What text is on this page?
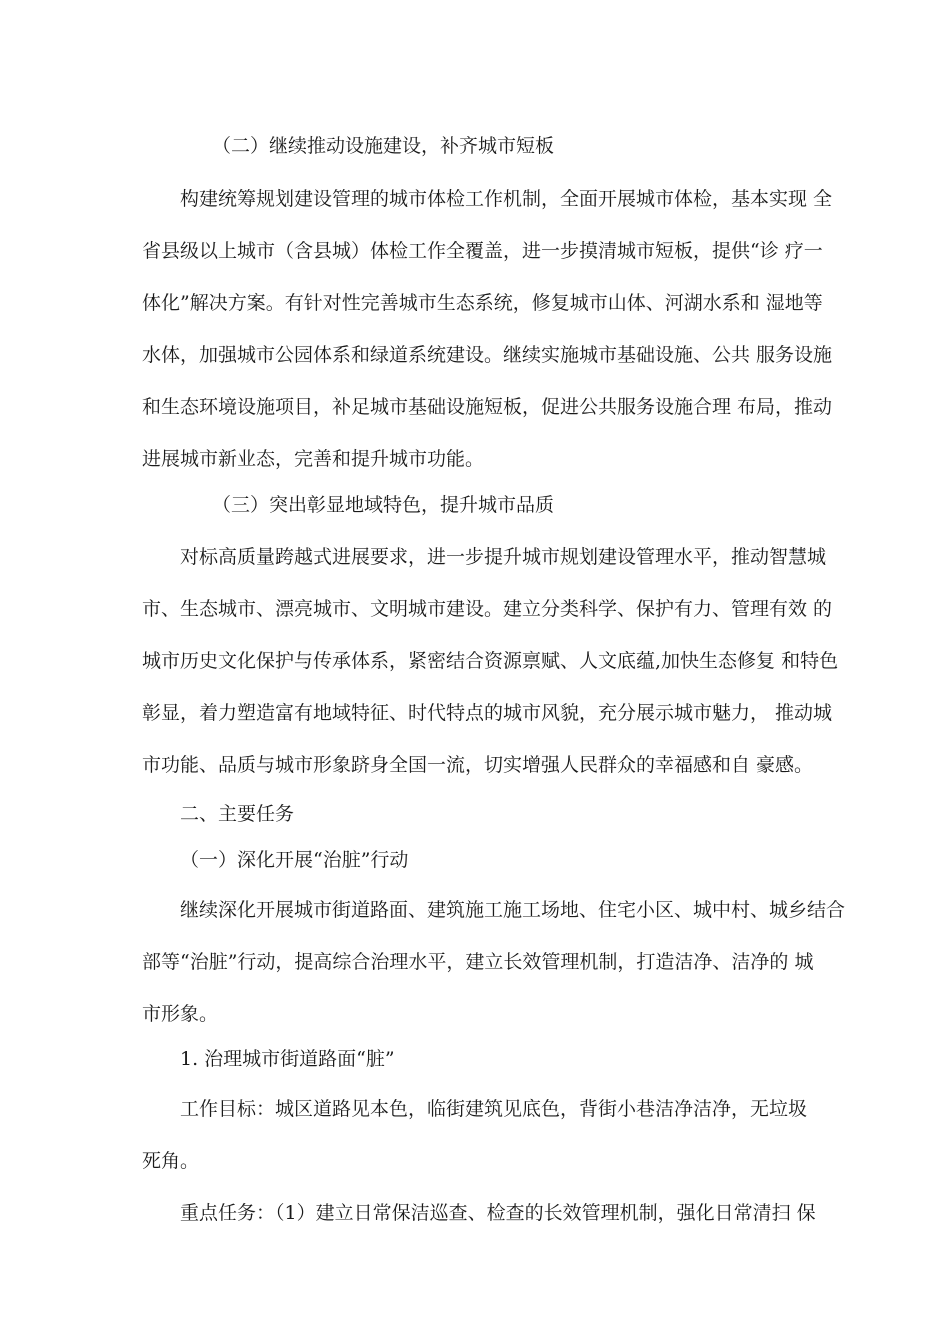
（二）继续推动设施建设，补齐城市短板
构建统筹规划建设管理的城市体检工作机制，全面开展城市体检，基本实现 全
省县级以上城市（含县城）体检工作全覆盖，进一步摸清城市短板，提供“诊 疗一
体化”解决方案。有针对性完善城市生态系统，修复城市山体、河湖水系和 湿地等
水体，加强城市公园体系和绿道系统建设。继续实施城市基础设施、公共 服务设施
和生态环境设施项目，补足城市基础设施短板，促进公共服务设施合理 布局，推动
进展城市新业态，完善和提升城市功能。
（三）突出彰显地域特色，提升城市品质
对标高质量跨越式进展要求，进一步提升城市规划建设管理水平，推动智慧城
市、生态城市、漂亮城市、文明城市建设。建立分类科学、保护有力、管理有效 的
城市历史文化保护与传承体系，紧密结合资源禀赋、人文底蕴,加快生态修复 和特色
彰显，着力塑造富有地域特征、时代特点的城市风貌，充分展示城市魅力， 推动城
市功能、品质与城市形象跻身全国一流，切实增强人民群众的幸福感和自 豪感。
二、主要任务
（一）深化开展“治脏”行动
继续深化开展城市街道路面、建筑施工施工场地、住宅小区、城中村、城乡结合
部等“治脏”行动，提高综合治理水平，建立长效管理机制，打造洁净、洁净的 城
市形象。
1. 治理城市街道路面“脏”
工作目标：城区道路见本色，临街建筑见底色，背街小巷洁净洁净，无垃圾
死角。
重点任务：（1）建立日常保洁巡查、检查的长效管理机制，强化日常清扫 保
